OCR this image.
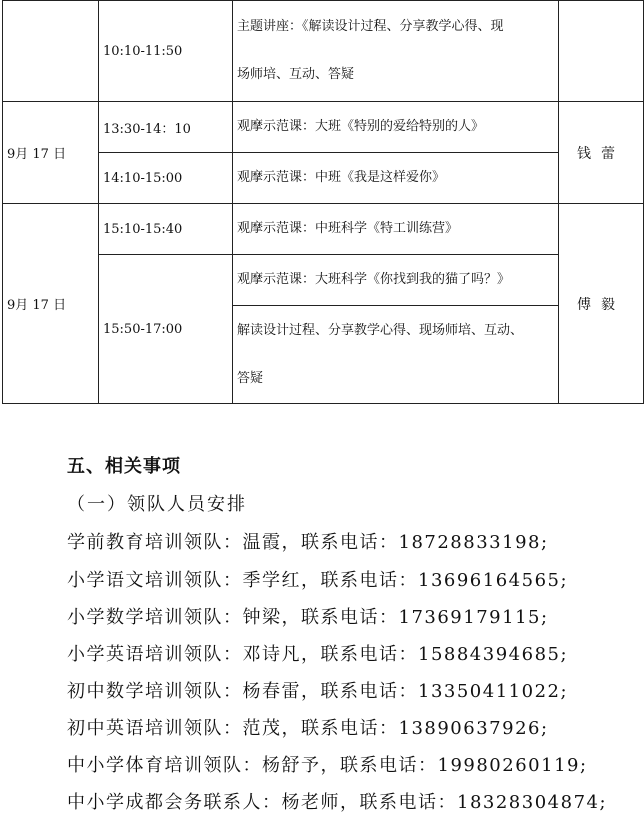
	10:10-11:50	主题讲座：《解读设计过程、分享教学心得、现
场师培、互动、答疑	
9月 17 日	13:30-14：10	观摩示范课：大班《特别的爱给特别的人》	钱蕾
	14:10-15:00	观摩示范课：中班《我是这样爱你》	
9月 17 日	15:10-15:40	观摩示范课：中班科学《特工训练营》	傅毅
	15:50-17:00	观摩示范课：大班科学《你找到我的猫了吗？》	
		解读设计过程、分享教学心得、现场师培、互动、
答疑	
五、相关事项
（一）领队人员安排
学前教育培训领队：温霞，联系电话：18728833198;
小学语文培训领队：季学红，联系电话：13696164565;
小学数学培训领队：钟梁，联系电话：17369179115;
小学英语培训领队：邓诗凡，联系电话：15884394685;
初中数学培训领队：杨春雷，联系电话：13350411022;
初中英语培训领队：范茂，联系电话：13890637926;
中小学体育培训领队：杨舒予，联系电话：19980260119;
中小学成都会务联系人：杨老师，联系电话：18328304874;
